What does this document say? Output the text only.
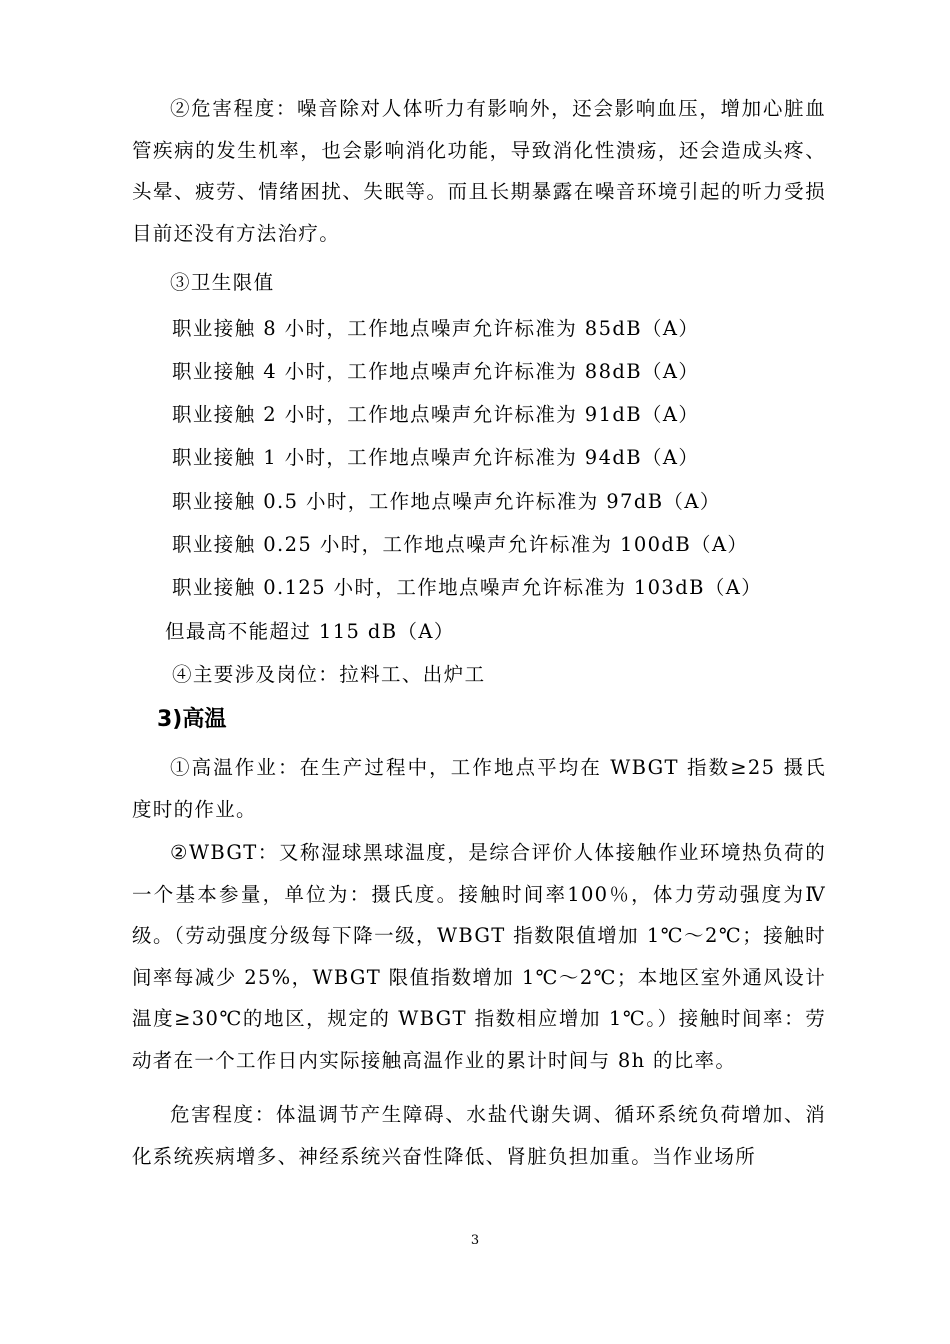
②危害程度：噪音除对人体听力有影响外，还会影响血压，增加心脏血管疾病的发生机率，也会影响消化功能，导致消化性溃疡，还会造成头疼、头晕、疲劳、情绪困扰、失眠等。而且长期暴露在噪音环境引起的听力受损目前还没有方法治疗。

③卫生限值

职业接触 8 小时，工作地点噪声允许标准为 85dB（A）

职业接触 4 小时，工作地点噪声允许标准为 88dB（A）

职业接触 2 小时，工作地点噪声允许标准为 91dB（A）

职业接触 1 小时，工作地点噪声允许标准为 94dB（A）

职业接触 0.5 小时，工作地点噪声允许标准为 97dB（A）

职业接触 0.25 小时，工作地点噪声允许标准为 100dB（A）

职业接触 0.125 小时，工作地点噪声允许标准为 103dB（A）

但最高不能超过 115 dB（A）

④主要涉及岗位：拉料工、出炉工

3)高温

①高温作业：在生产过程中，工作地点平均在 WBGT 指数≥25 摄氏度时的作业。

②WBGT：又称湿球黑球温度，是综合评价人体接触作业环境热负荷的一个基本参量，单位为：摄氏度。接触时间率100％，体力劳动强度为Ⅳ级。（劳动强度分级每下降一级，WBGT 指数限值增加 1℃～2℃；接触时间率每减少 25%，WBGT 限值指数增加 1℃～2℃；本地区室外通风设计温度≥30℃的地区，规定的 WBGT 指数相应增加 1℃。）接触时间率：劳动者在一个工作日内实际接触高温作业的累计时间与 8h 的比率。

危害程度：体温调节产生障碍、水盐代谢失调、循环系统负荷增加、消化系统疾病增多、神经系统兴奋性降低、肾脏负担加重。当作业场所

3
